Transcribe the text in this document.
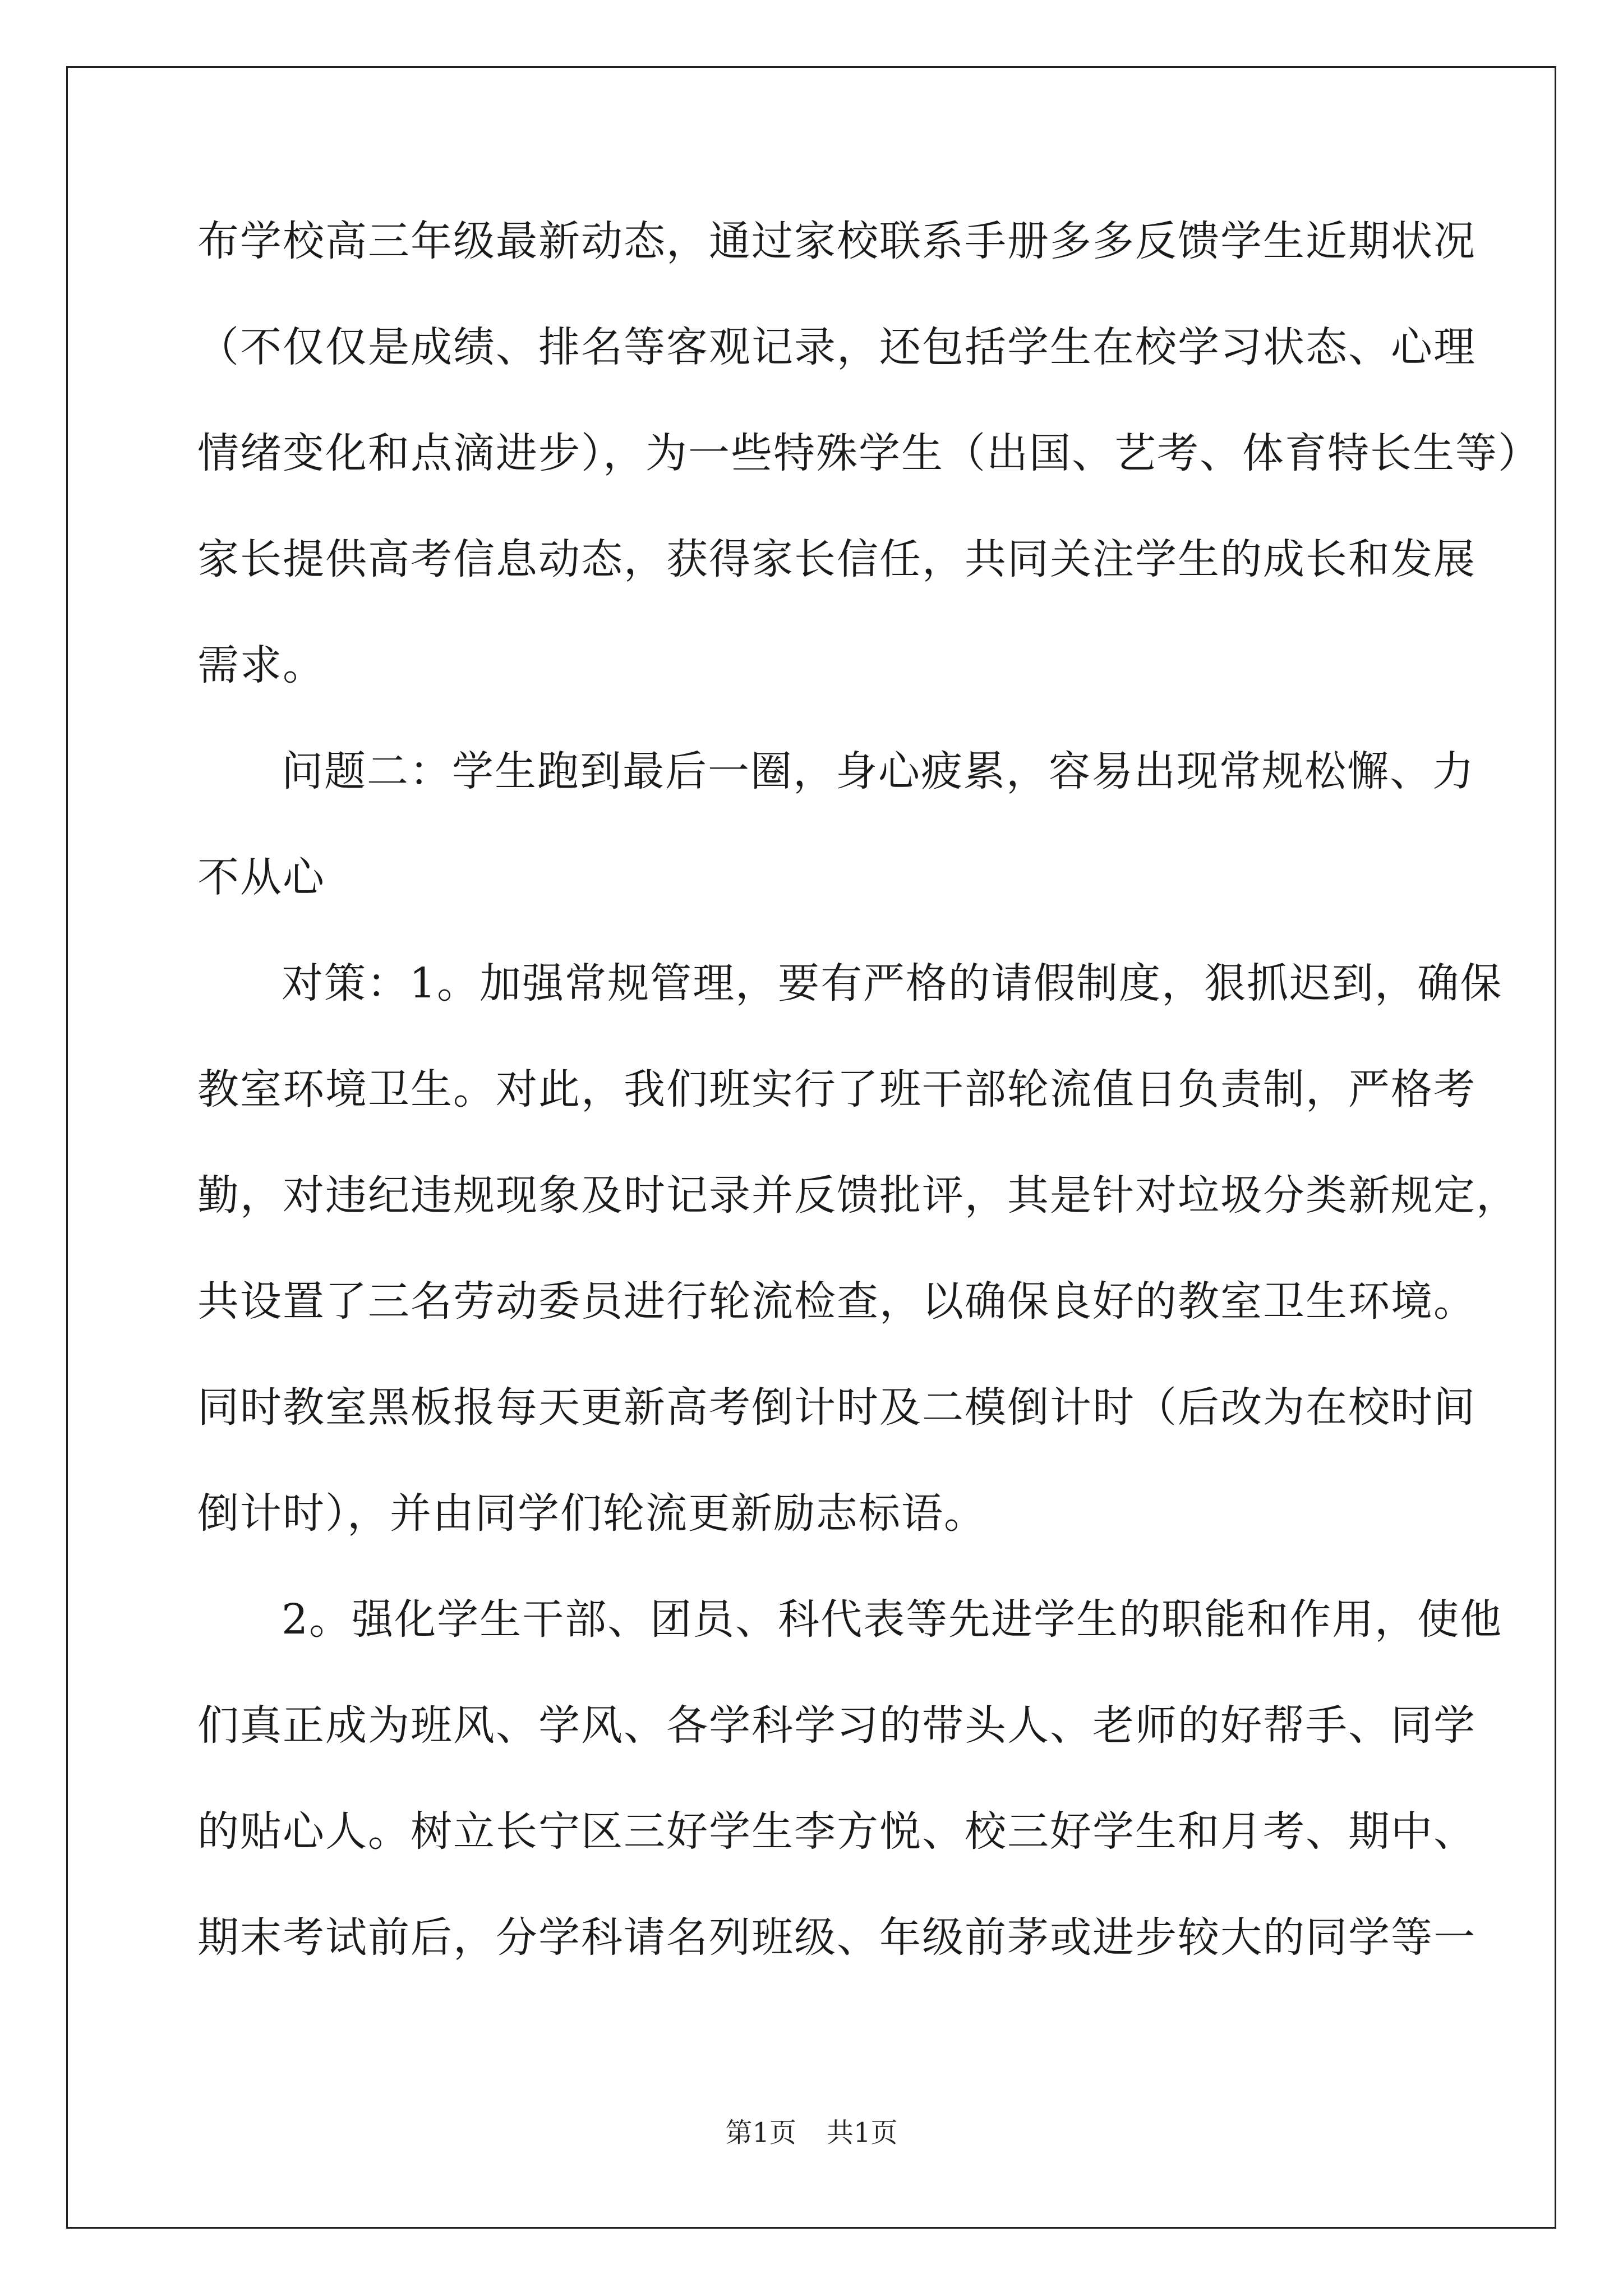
布学校高三年级最新动态，通过家校联系手册多多反馈学生近期状况
（不仅仅是成绩、排名等客观记录，还包括学生在校学习状态、心理
情绪变化和点滴进步），为一些特殊学生（出国、艺考、体育特长生等）
家长提供高考信息动态，获得家长信任，共同关注学生的成长和发展
需求。
问题二：学生跑到最后一圈，身心疲累，容易出现常规松懈、力
不从心
对策：1。加强常规管理，要有严格的请假制度，狠抓迟到，确保
教室环境卫生。对此，我们班实行了班干部轮流值日负责制，严格考
勤，对违纪违规现象及时记录并反馈批评，其是针对垃圾分类新规定，
共设置了三名劳动委员进行轮流检查，以确保良好的教室卫生环境。
同时教室黑板报每天更新高考倒计时及二模倒计时（后改为在校时间
倒计时），并由同学们轮流更新励志标语。
2。强化学生干部、团员、科代表等先进学生的职能和作用，使他
们真正成为班风、学风、各学科学习的带头人、老师的好帮手、同学
的贴心人。树立长宁区三好学生李方悦、校三好学生和月考、期中、
期末考试前后，分学科请名列班级、年级前茅或进步较大的同学等一
第1页 共1页
